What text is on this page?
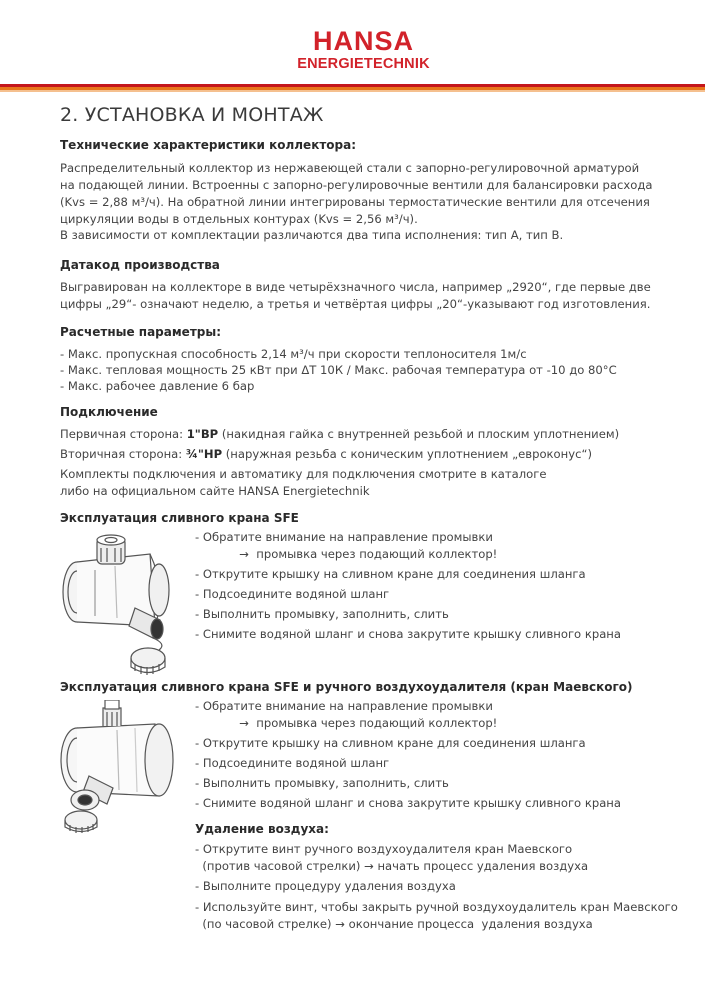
HANSA
ENERGIETECHNIK
2. УСТАНОВКА И МОНТАЖ
Технические характеристики коллектора:
Распределительный коллектор из нержавеющей стали с запорно-регулировочной арматурой
на подающей линии. Встроенны с запорно-регулировочные вентили для балансировки расхода
(Kvs = 2,88 м³/ч). На обратной линии интегрированы термостатические вентили для отсечения
циркуляции воды в отдельных контурах (Kvs = 2,56 м³/ч).
В зависимости от комплектации различаются два типа исполнения: тип А, тип В.
Датакод производства
Выгравирован на коллекторе в виде четырёхзначного числа, например „2920“, где первые две
цифры „29“- означают неделю, а третья и четвёртая цифры „20“-указывают год изготовления.
Расчетные параметры:
- Макс. пропускная способность 2,14 м³/ч при скорости теплоносителя 1м/с
- Макс. тепловая мощность 25 кВт при ΔT 10К / Макс. рабочая температура от -10 до 80°С
- Макс. рабочее давление 6 бар
Подключение
Первичная сторона: 1"ВР (накидная гайка с внутренней резьбой и плоским уплотнением)
Вторичная сторона: ¾"НР (наружная резьба с коническим уплотнением „евроконус“)
Комплекты подключения и автоматику для подключения смотрите в каталоге
либо на официальном сайте HANSA Energietechnik
Эксплуатация сливного крана SFE
- Обратите внимание на направление промывки
→  промывка через подающий коллектор!
- Открутите крышку на сливном кране для соединения шланга
- Подсоедините водяной шланг
- Выполнить промывку, заполнить, слить
- Снимите водяной шланг и снова закрутите крышку сливного крана
Эксплуатация сливного крана SFE и ручного воздухоудалителя (кран Маевского)
- Обратите внимание на направление промывки
→  промывка через подающий коллектор!
- Открутите крышку на сливном кране для соединения шланга
- Подсоедините водяной шланг
- Выполнить промывку, заполнить, слить
- Снимите водяной шланг и снова закрутите крышку сливного крана
Удаление воздуха:
- Открутите винт ручного воздухоудалителя кран Маевского
(против часовой стрелки) → начать процесс удаления воздуха
- Выполните процедуру удаления воздуха
- Используйте винт, чтобы закрыть ручной воздухоудалитель кран Маевского
(по часовой стрелке) → окончание процесса  удаления воздуха
